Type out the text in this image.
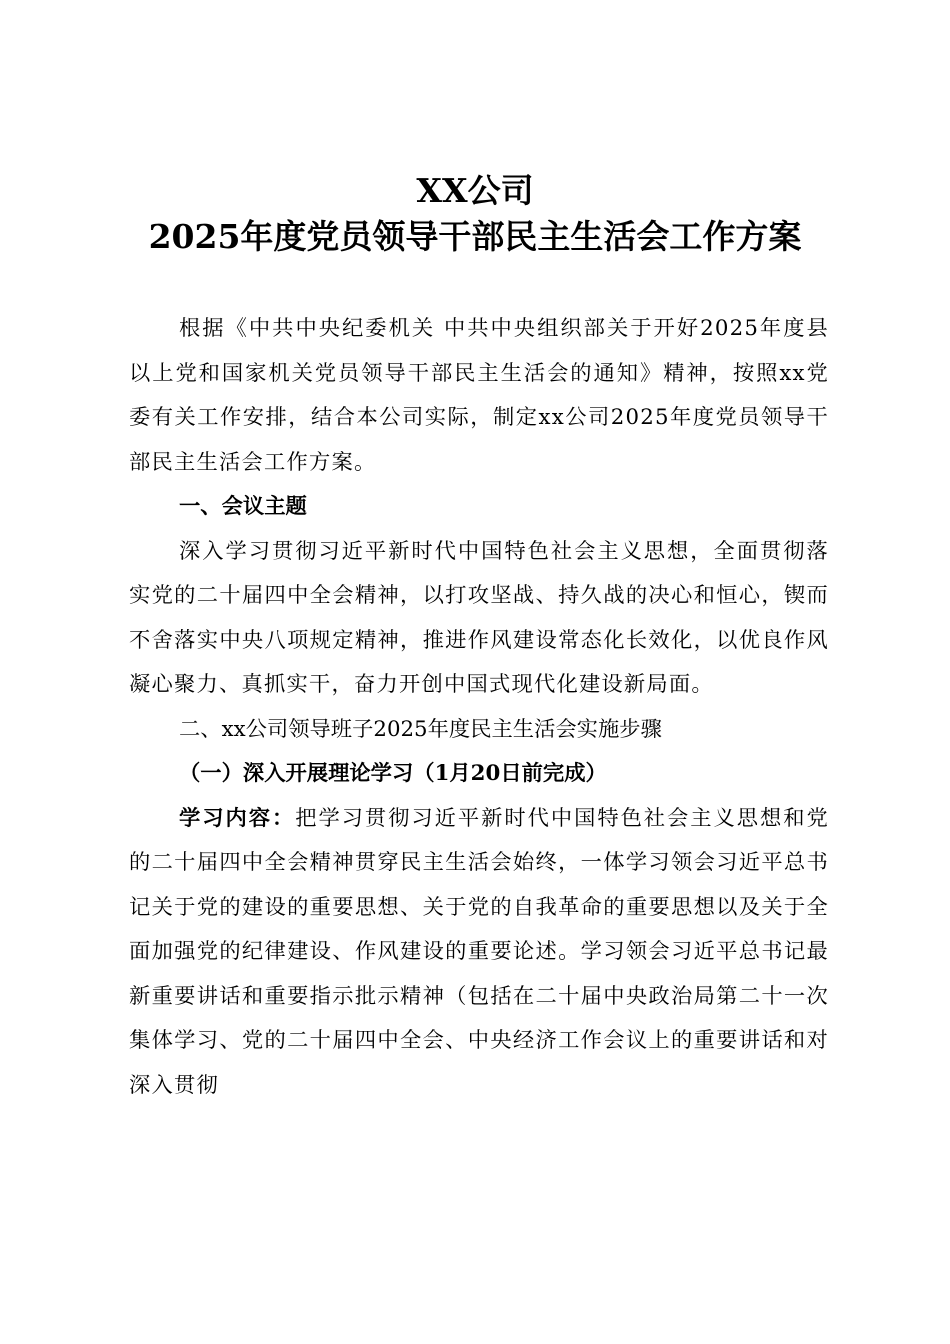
XX公司
2025年度党员领导干部民主生活会工作方案

根据《中共中央纪委机关 中共中央组织部关于开好2025年度县以上党和国家机关党员领导干部民主生活会的通知》精神，按照xx党委有关工作安排，结合本公司实际，制定xx公司2025年度党员领导干部民主生活会工作方案。

一、会议主题

深入学习贯彻习近平新时代中国特色社会主义思想，全面贯彻落实党的二十届四中全会精神，以打攻坚战、持久战的决心和恒心，锲而不舍落实中央八项规定精神，推进作风建设常态化长效化，以优良作风凝心聚力、真抓实干，奋力开创中国式现代化建设新局面。

二、xx公司领导班子2025年度民主生活会实施步骤

（一）深入开展理论学习（1月20日前完成）

学习内容：把学习贯彻习近平新时代中国特色社会主义思想和党的二十届四中全会精神贯穿民主生活会始终，一体学习领会习近平总书记关于党的建设的重要思想、关于党的自我革命的重要思想以及关于全面加强党的纪律建设、作风建设的重要论述。学习领会习近平总书记最新重要讲话和重要指示批示精神（包括在二十届中央政治局第二十一次集体学习、党的二十届四中全会、中央经济工作会议上的重要讲话和对深入贯彻
